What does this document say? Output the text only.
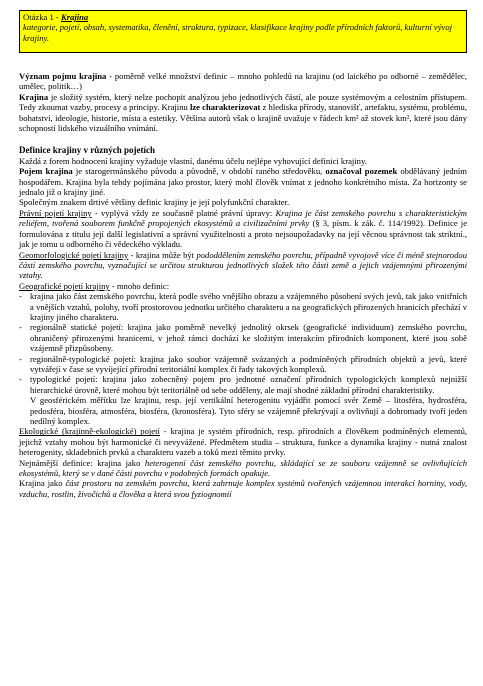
Otázka 1 - Krajina
kategorie, pojetí, obsah, systematika, členění, struktura, typizace, klasifikace krajiny podle přírodních faktorů, kulturní vývoj krajiny.

Význam pojmu krajina - poměrně velké množství definic – mnoho pohledů na krajinu (od laického po odborné – zemědělec, umělec, politik…)
Krajina je složitý systém, který nelze pochopit analýzou jeho jednotlivých částí, ale pouze systémovým a celostním přístupem. Tedy zkoumat vazby, procesy a principy. Krajinu lze charakterizovat z hlediska přírody, stanovišť, artefaktu, systému, problému, bohatství, ideologie, historie, místa a estetiky. Většina autorů však o krajině uvažuje v řádech km² až stovek km², které jsou dány schopností lidského vizuálního vnímání.

Definice krajiny v různých pojetích

Každá z forem hodnocení krajiny vyžaduje vlastní, danému účelu nejlépe vyhovující definici krajiny.

Pojem krajina je starogermánského původu a původně, v období raného středověku, označoval pozemek obdělávaný jedním hospodářem. Krajina byla tehdy pojímána jako prostor, který mohl člověk vnímat z jednoho konkrétního místa. Za horizonty se jednalo již o krajiny jiné.

Společným znakem drtivé většiny definic krajiny je její polyfunkční charakter.

Právní pojetí krajiny - vyplývá vždy ze současně platné právní úpravy: Krajina je část zemského povrchu s charakteristickým reliéfem, tvořená souborem funkčně propojených ekosystémů a civilizačními prvky (§ 3, písm. k zák. č. 114/1992). Definice je formulována z titulu její další legislativní a správní využitelnosti a proto nejsoupožadavky na její věcnou správnost tak striktní., jak je tomu u odborného či vědeckého výkladu.

Geomorfologické pojetí krajiny - krajina může být pododdělením zemského povrchu, případně vyvojově více či méně stejnorodou částí zemského povrchu, vyznačující se určitou strukturou jednotlivých složek této části země a jejich vzájemnými přirozenými vztahy.

Geografické pojetí krajiny - mnoho definic:

- krajina jako část zemského povrchu, která podle svého vnějšího obrazu a vzájemného působení svých jevů, tak jako vnitřních a vnějších vztahů, polohy, tvoří prostorovou jednotku určitého charakteru a na geografických přirozených hranicích přechází v krajiny jiného charakteru.
- regionálně statické pojetí: krajina jako poměrně nevelký jednolitý okrsek (geografické individuum) zemského povrchu, ohraničený přirozenými hranicemi, v jehož rámci dochází ke složitým interakcím přírodních komponent, které jsou sobě vzájemně přizpůsobeny.
- regionálně-typologické pojetí: krajina jako soubor vzájemně svázaných a podmíněných přírodních objektů a jevů, které vytvářejí v čase se vyvíjející přírodní teritoriální komplex či řady takových komplexů.
- typologické pojetí: krajina jako zobecněný pojem pro jednotné označení přírodních typologických komplexů nejnižší hierarchické úrovně, které mohou být teritoriálně od sebe odděleny, ale mají shodné základní přírodní charakteristiky.

V geosférickém měřítku lze krajinu, resp. její vertikální heterogenitu vyjádřit pomocí svér Země – litosféra, hydrosféra, pedosféra, biosféra, atmosféra, biosféra, (kronosféra). Tyto sféry se vzájemně překrývají a ovlivňují a dohromady tvoří jeden nedílný komplex.

Ekologické (krajinně-ekologické) pojetí - krajina je systém přírodních, resp. přírodních a člověkem podmíněných elementů, jejichž vztahy mohou být harmonické či nevyvážené. Předmětem studia – struktura, funkce a dynamika krajiny - nutná znalost heterogenity, skladebních prvků a charakteru vazeb a toků mezi těmito prvky.

Nejnámější definice: krajina jako heterogenní část zemského povrchu, skládající se ze souboru vzájemně se ovlivňujících ekosystémů, který se v dané části povrchu v podobných formách opakuje.

Krajina jako část prostoru na zemském povrchu, která zahrnuje komplex systémů tvořených vzájemnou interakcí horniny, vody, vzduchu, rostlin, živočichů a člověka a která svou fyziognomií
